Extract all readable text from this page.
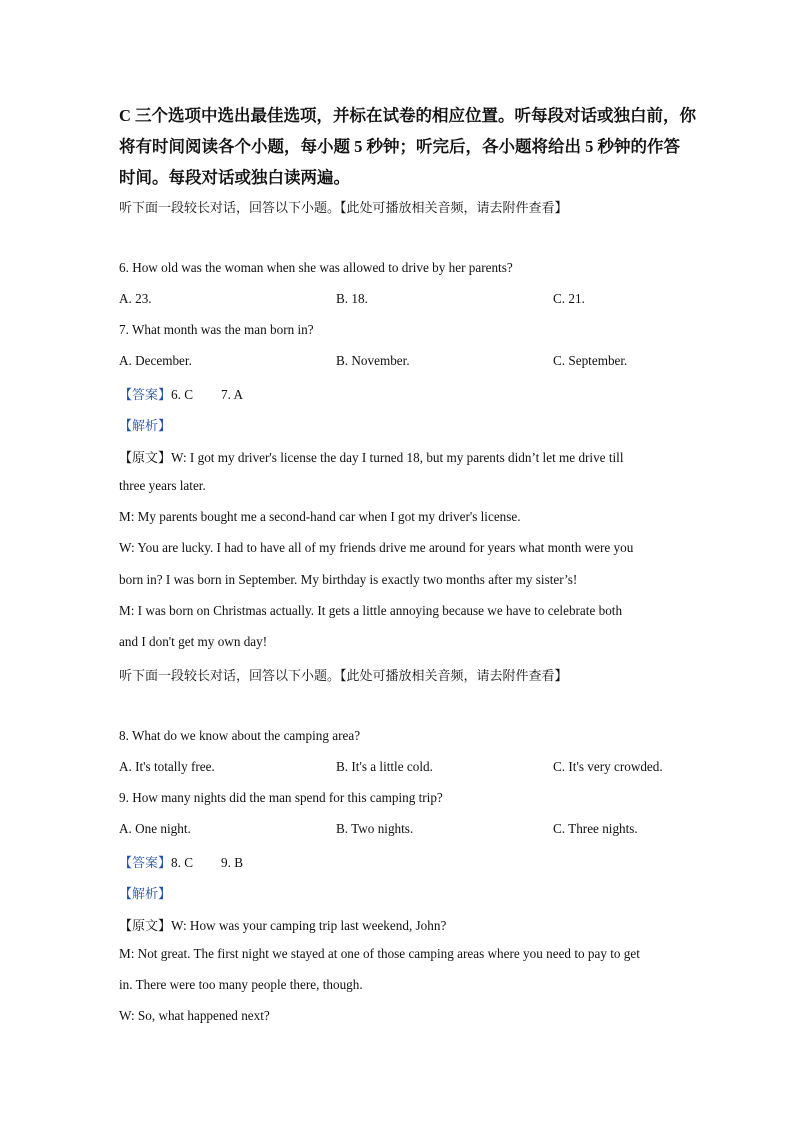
C 三个选项中选出最佳选项，并标在试卷的相应位置。听每段对话或独白前，你
将有时间阅读各个小题，每小题 5 秒钟；听完后，各小题将给出 5 秒钟的作答
时间。每段对话或独白读两遍。
听下面一段较长对话，回答以下小题。【此处可播放相关音频，请去附件查看】
6. How old was the woman when she was allowed to drive by her parents?
A. 23.	B. 18.	C. 21.
7. What month was the man born in?
A. December.	B. November.	C. September.
【答案】6. C 7. A
【解析】
【原文】W: I got my driver's license the day I turned 18, but my parents didn’t let me drive till
three years later.
M: My parents bought me a second-hand car when I got my driver's license.
W: You are lucky. I had to have all of my friends drive me around for years what month were you
born in? I was born in September. My birthday is exactly two months after my sister’s!
M: I was born on Christmas actually. It gets a little annoying because we have to celebrate both
and I don't get my own day!
听下面一段较长对话，回答以下小题。【此处可播放相关音频，请去附件查看】
8. What do we know about the camping area?
A. It's totally free.	B. It's a little cold.	C. It's very crowded.
9. How many nights did the man spend for this camping trip?
A. One night.	B. Two nights.	C. Three nights.
【答案】8. C 9. B
【解析】
【原文】W: How was your camping trip last weekend, John?
M: Not great. The first night we stayed at one of those camping areas where you need to pay to get
in. There were too many people there, though.
W: So, what happened next?
